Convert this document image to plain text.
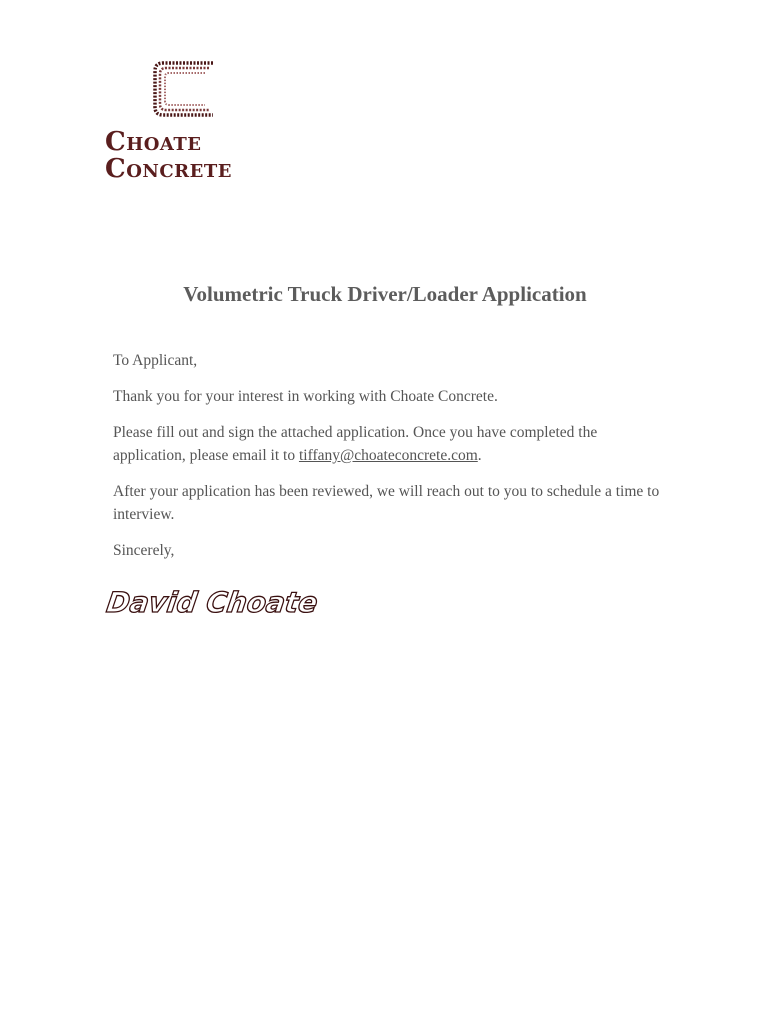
Choate
Concrete
Volumetric Truck Driver/Loader Application

To Applicant,

Thank you for your interest in working with Choate Concrete.

Please fill out and sign the attached application. Once you have completed the application, please email it to tiffany@choateconcrete.com.

After your application has been reviewed, we will reach out to you to schedule a time to interview.

Sincerely,

David Choate
